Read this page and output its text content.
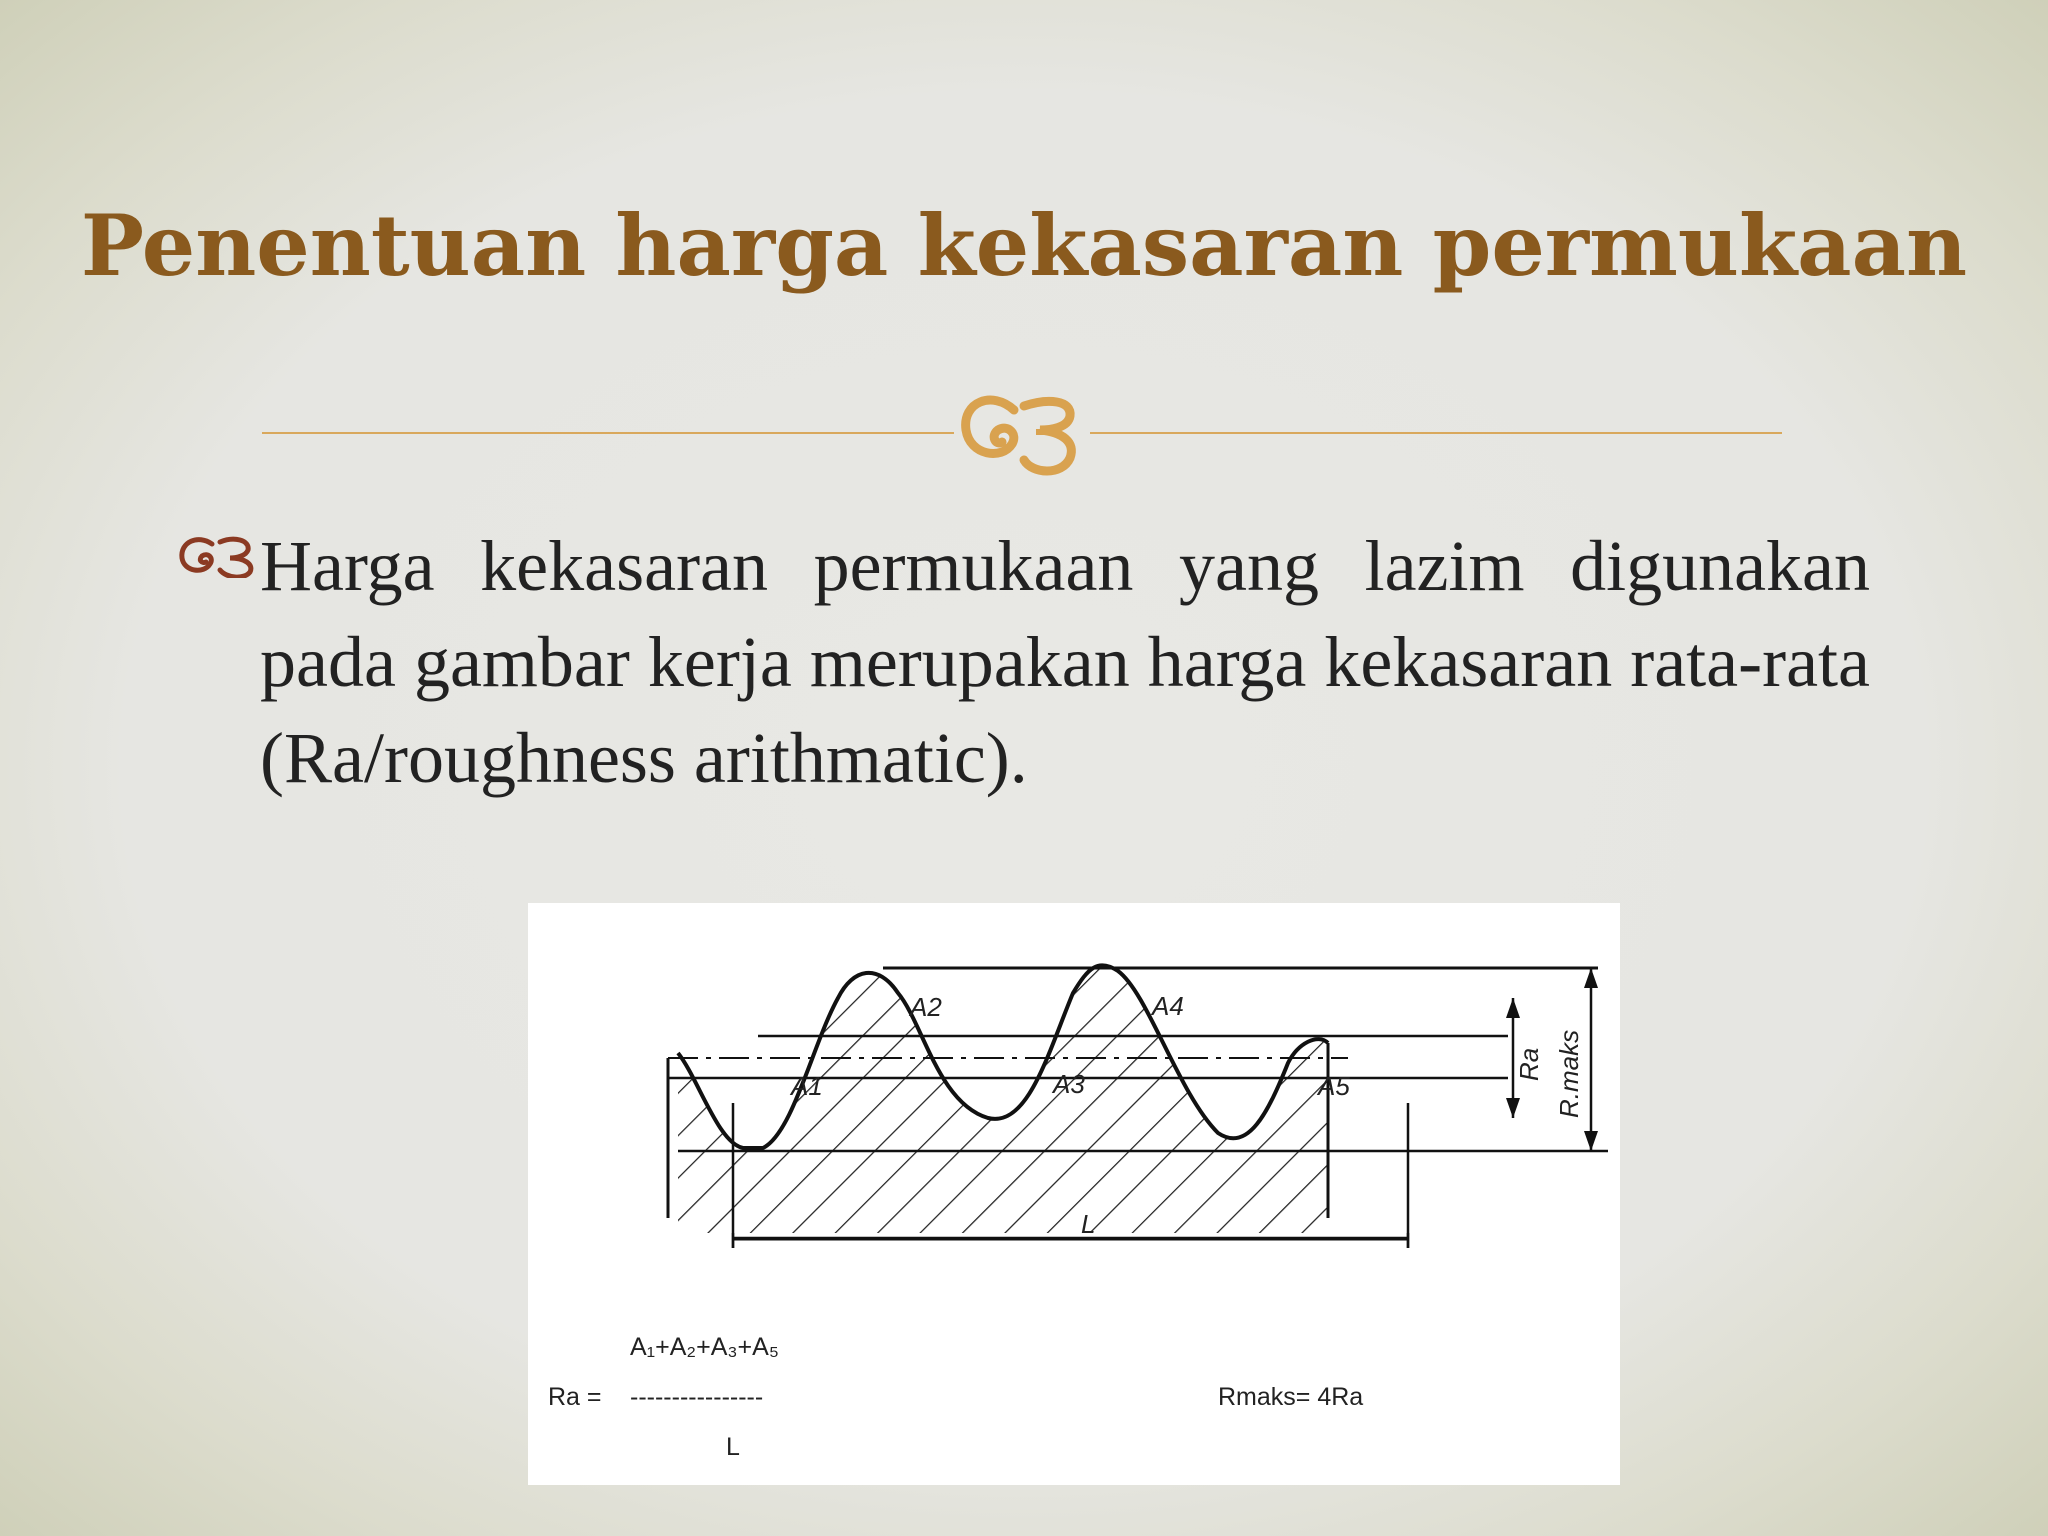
Penentuan harga kekasaran permukaan
Harga kekasaran permukaan yang lazim digunakan pada gambar kerja merupakan harga kekasaran rata-rata (Ra/roughness arithmatic).
A1
A2
A3
A4
A5
Ra R.maks
L
A₁+A₂+A₃+A₅
Ra = ----------------
L
Rmaks= 4Ra
